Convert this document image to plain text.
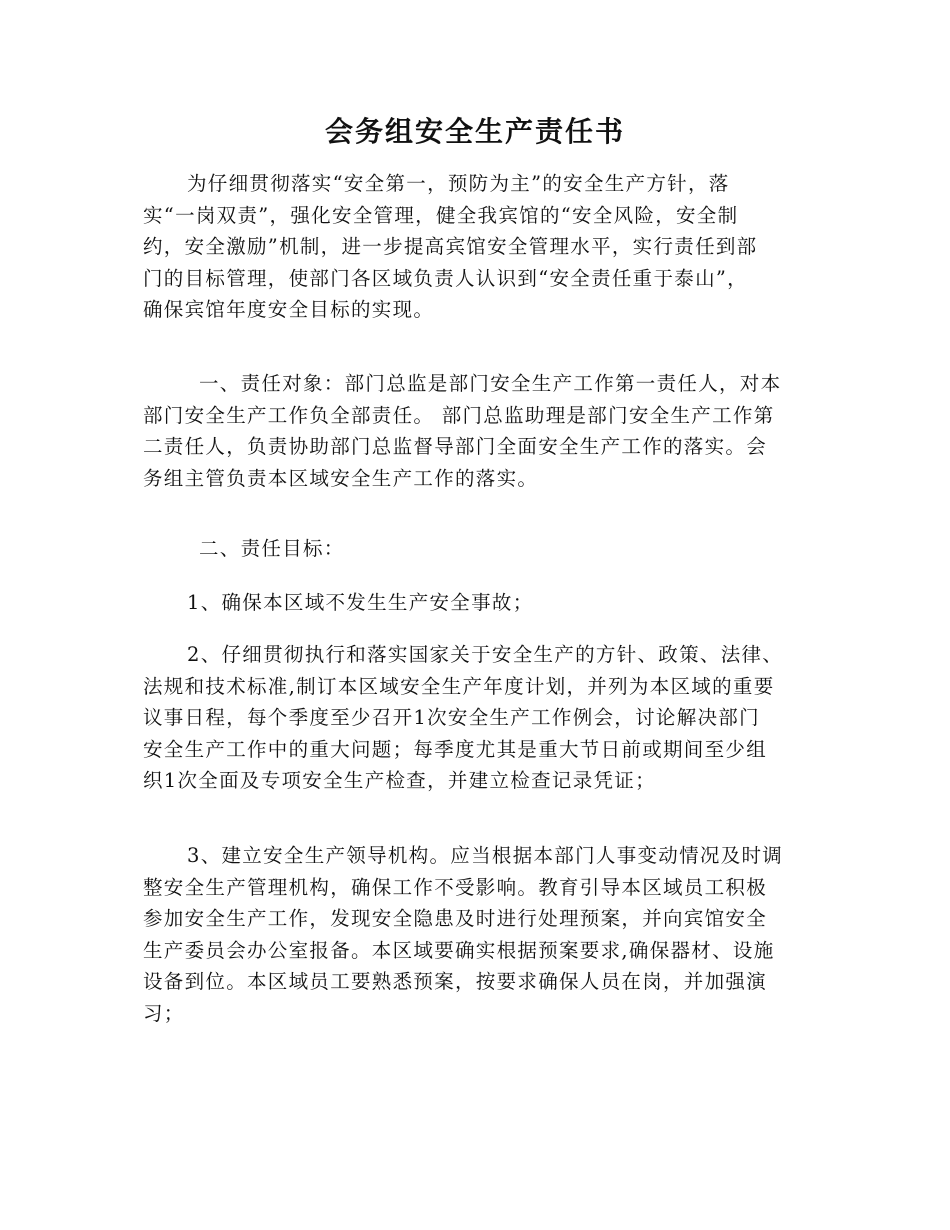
会务组安全生产责任书

为仔细贯彻落实“安全第一，预防为主”的安全生产方针，落
实“一岗双责”，强化安全管理，健全我宾馆的“安全风险，安全制
约，安全激励”机制，进一步提高宾馆安全管理水平，实行责任到部
门的目标管理，使部门各区域负责人认识到“安全责任重于泰山”，
确保宾馆年度安全目标的实现。

一、责任对象：部门总监是部门安全生产工作第一责任人，对本
部门安全生产工作负全部责任。 部门总监助理是部门安全生产工作第
二责任人，负责协助部门总监督导部门全面安全生产工作的落实。会
务组主管负责本区域安全生产工作的落实。

二、责任目标：

1、确保本区域不发生生产安全事故；

2、仔细贯彻执行和落实国家关于安全生产的方针、政策、法律、
法规和技术标准,制订本区域安全生产年度计划，并列为本区域的重要
议事日程，每个季度至少召开1次安全生产工作例会，讨论解决部门
安全生产工作中的重大问题；每季度尤其是重大节日前或期间至少组
织1次全面及专项安全生产检查，并建立检查记录凭证；

3、建立安全生产领导机构。应当根据本部门人事变动情况及时调
整安全生产管理机构，确保工作不受影响。教育引导本区域员工积极
参加安全生产工作，发现安全隐患及时进行处理预案，并向宾馆安全
生产委员会办公室报备。本区域要确实根据预案要求,确保器材、设施
设备到位。本区域员工要熟悉预案，按要求确保人员在岗，并加强演
习；
